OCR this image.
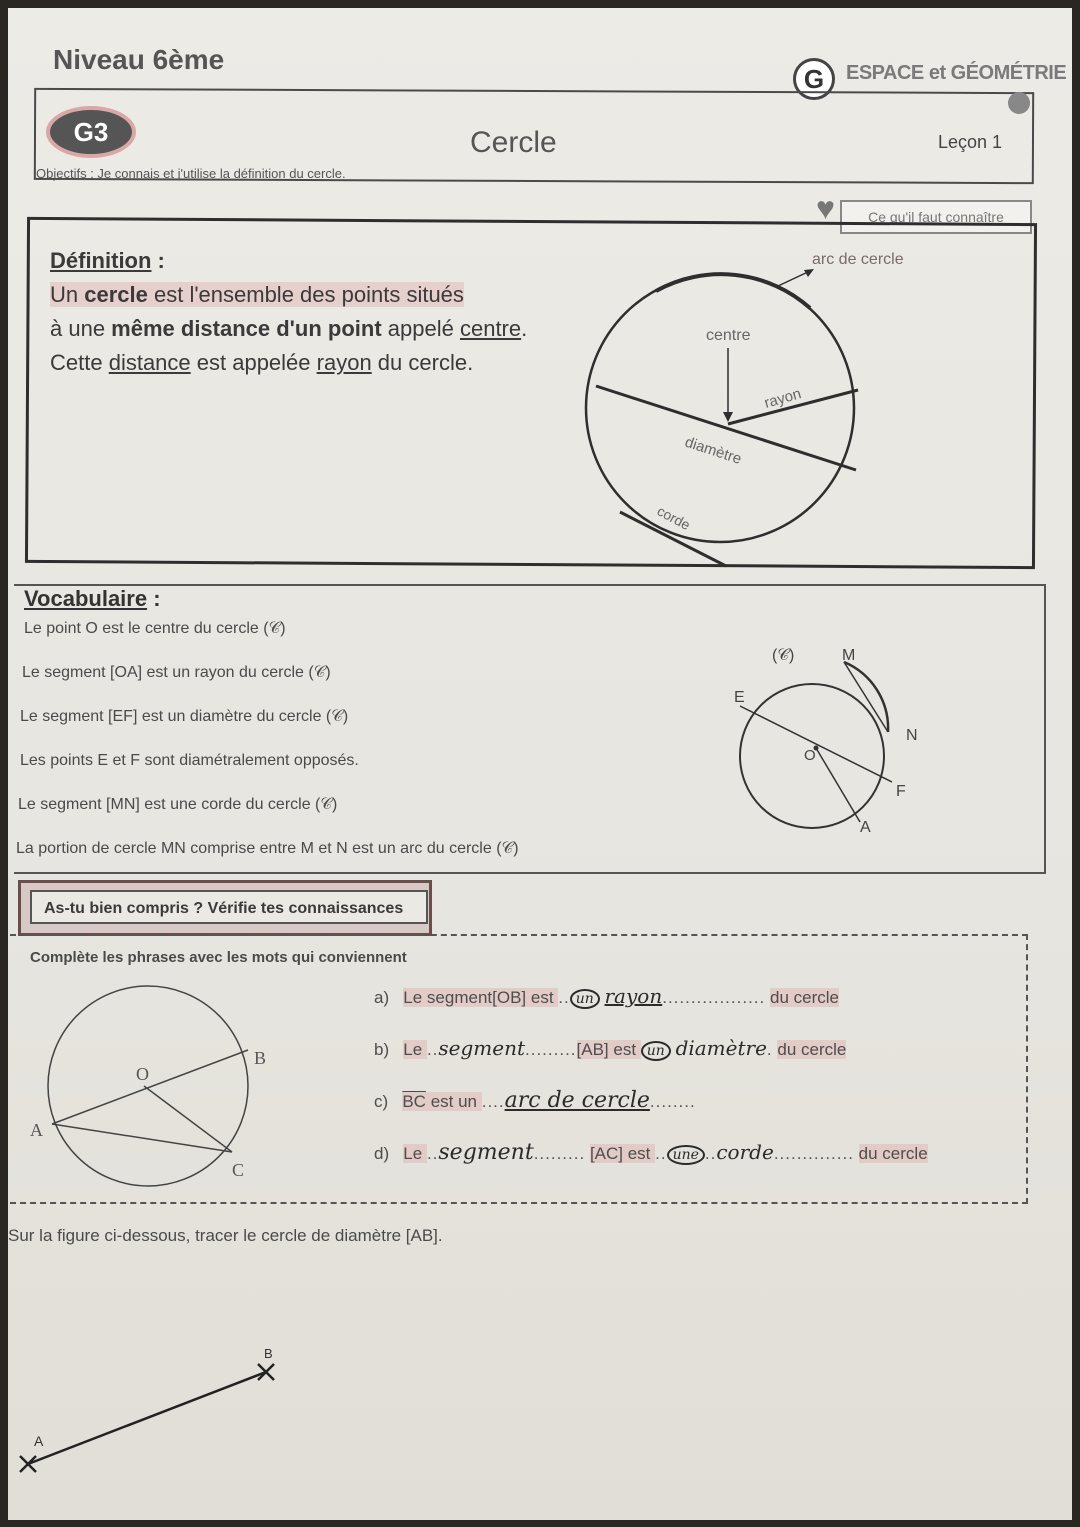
Niveau 6ème
G	ESPACE et GÉOMÉTRIE
G3	Cercle	Leçon 1
Objectifs : Je connais et j'utilise la définition du cercle.
♥	Ce qu'il faut connaître
Définition :
Un cercle est l'ensemble des points situés
à une même distance d'un point appelé centre.
Cette distance est appelée rayon du cercle.
arc de cercle
centre
rayon
diamètre
corde
Vocabulaire :
Le point O est le centre du cercle (𝒞)
Le segment [OA] est un rayon du cercle (𝒞)
Le segment [EF] est un diamètre du cercle (𝒞)
Les points E et F sont diamétralement opposés.
Le segment [MN] est une corde du cercle (𝒞)
La portion de cercle MN comprise entre M et N est un arc du cercle (𝒞)
(𝒞)	M
E
N
O
F
A
As-tu bien compris ? Vérifie tes connaissances
Complète les phrases avec les mots qui conviennent
B
O
A
C
a) Le segment[OB] est .. un rayon.................. du cercle
b) Le ..segment.........[AB] est un diamètre. du cercle
c) $\overline{BC}$ est un ....arc de cercle........
d) Le ..segment......... [AC] est .. une ..corde.............. du cercle
Sur la figure ci-dessous, tracer le cercle de diamètre [AB].
A
B
